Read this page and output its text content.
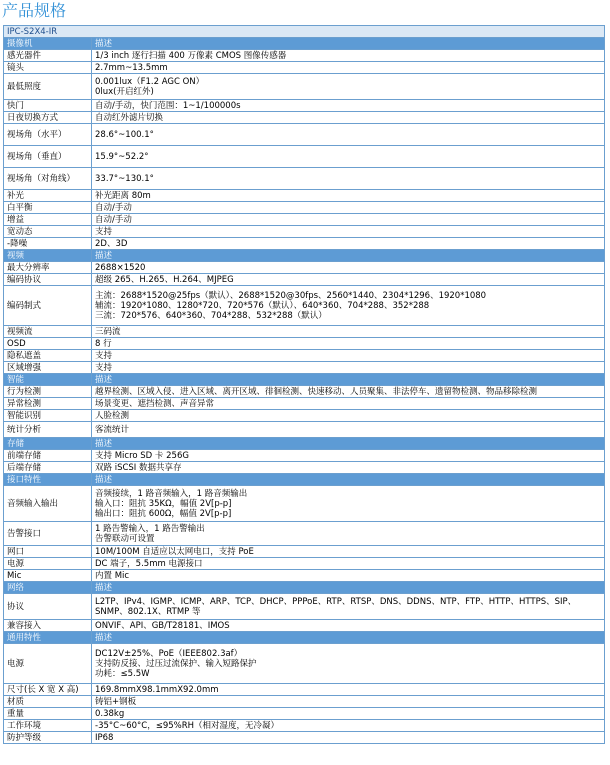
产品规格
IPC-S2X4-IR	
摄像机	描述
感光器件	1/3 inch 逐行扫描 400 万像素 CMOS 图像传感器

镜头	2.7mm~13.5mm

最低照度	0.001lux（F1.2 AGC ON）
0lux(开启红外)

快门	自动/手动，快门范围：1~1/100000s

日夜切换方式	自动红外滤片切换

视场角（水平）	28.6°~100.1°

视场角（垂直）	15.9°~52.2°

视场角（对角线）	33.7°~130.1°

补光	补光距离 80m

白平衡	自动/手动

增益	自动/手动

宽动态	支持

-降噪	2D、3D

视频	描述
最大分辨率	2688×1520

编码协议	超级 265、H.265、H.264、MJPEG

编码制式	主流：2688*1520@25fps（默认）、2688*1520@30fps、2560*1440、2304*1296、1920*1080
辅流：1920*1080、1280*720、720*576（默认）、640*360、704*288、352*288
三流：720*576、640*360、704*288、532*288（默认）

视频流	三码流

OSD	8 行

隐私遮盖	支持

区域增强	支持

智能	描述
行为检测	越界检测、区域入侵、进入区域、离开区域、徘徊检测、快速移动、人员聚集、非法停车、遗留物检测、物品移除检测

异常检测	场景变更、遮挡检测、声音异常

智能识别	人脸检测

统计分析	客流统计

存储	描述
前端存储	支持 Micro SD 卡 256G

后端存储	双路 iSCSI 数据共享存

接口特性	描述
音频输入输出	音频接续，1 路音频输入，1 路音频输出
输入口：阻抗 35KΩ，幅值 2V[p-p]
输出口：阻抗 600Ω，幅值 2V[p-p]

告警接口	1 路告警输入，1 路告警输出
告警联动可设置

网口	10M/100M 自适应以太网电口，支持 PoE

电源	DC 端子，5.5mm 电源接口

Mic	内置 Mic

网络	描述
协议	L2TP、IPv4、IGMP、ICMP、ARP、TCP、DHCP、PPPoE、RTP、RTSP、DNS、DDNS、NTP、FTP、HTTP、HTTPS、SIP、
SNMP、802.1X、RTMP 等

兼容接入	ONVIF、API、GB/T28181、IMOS

通用特性	描述
电源	DC12V±25%、PoE（IEEE802.3af）
支持防反接、过压过流保护、输入短路保护
功耗：≤5.5W

尺寸(长 X 宽 X 高)	169.8mmX98.1mmX92.0mm

材质	铸铝+钢板

重量	0.38kg

工作环境	-35°C~60°C，≤95%RH（相对湿度，无冷凝）

防护等级	IP68
